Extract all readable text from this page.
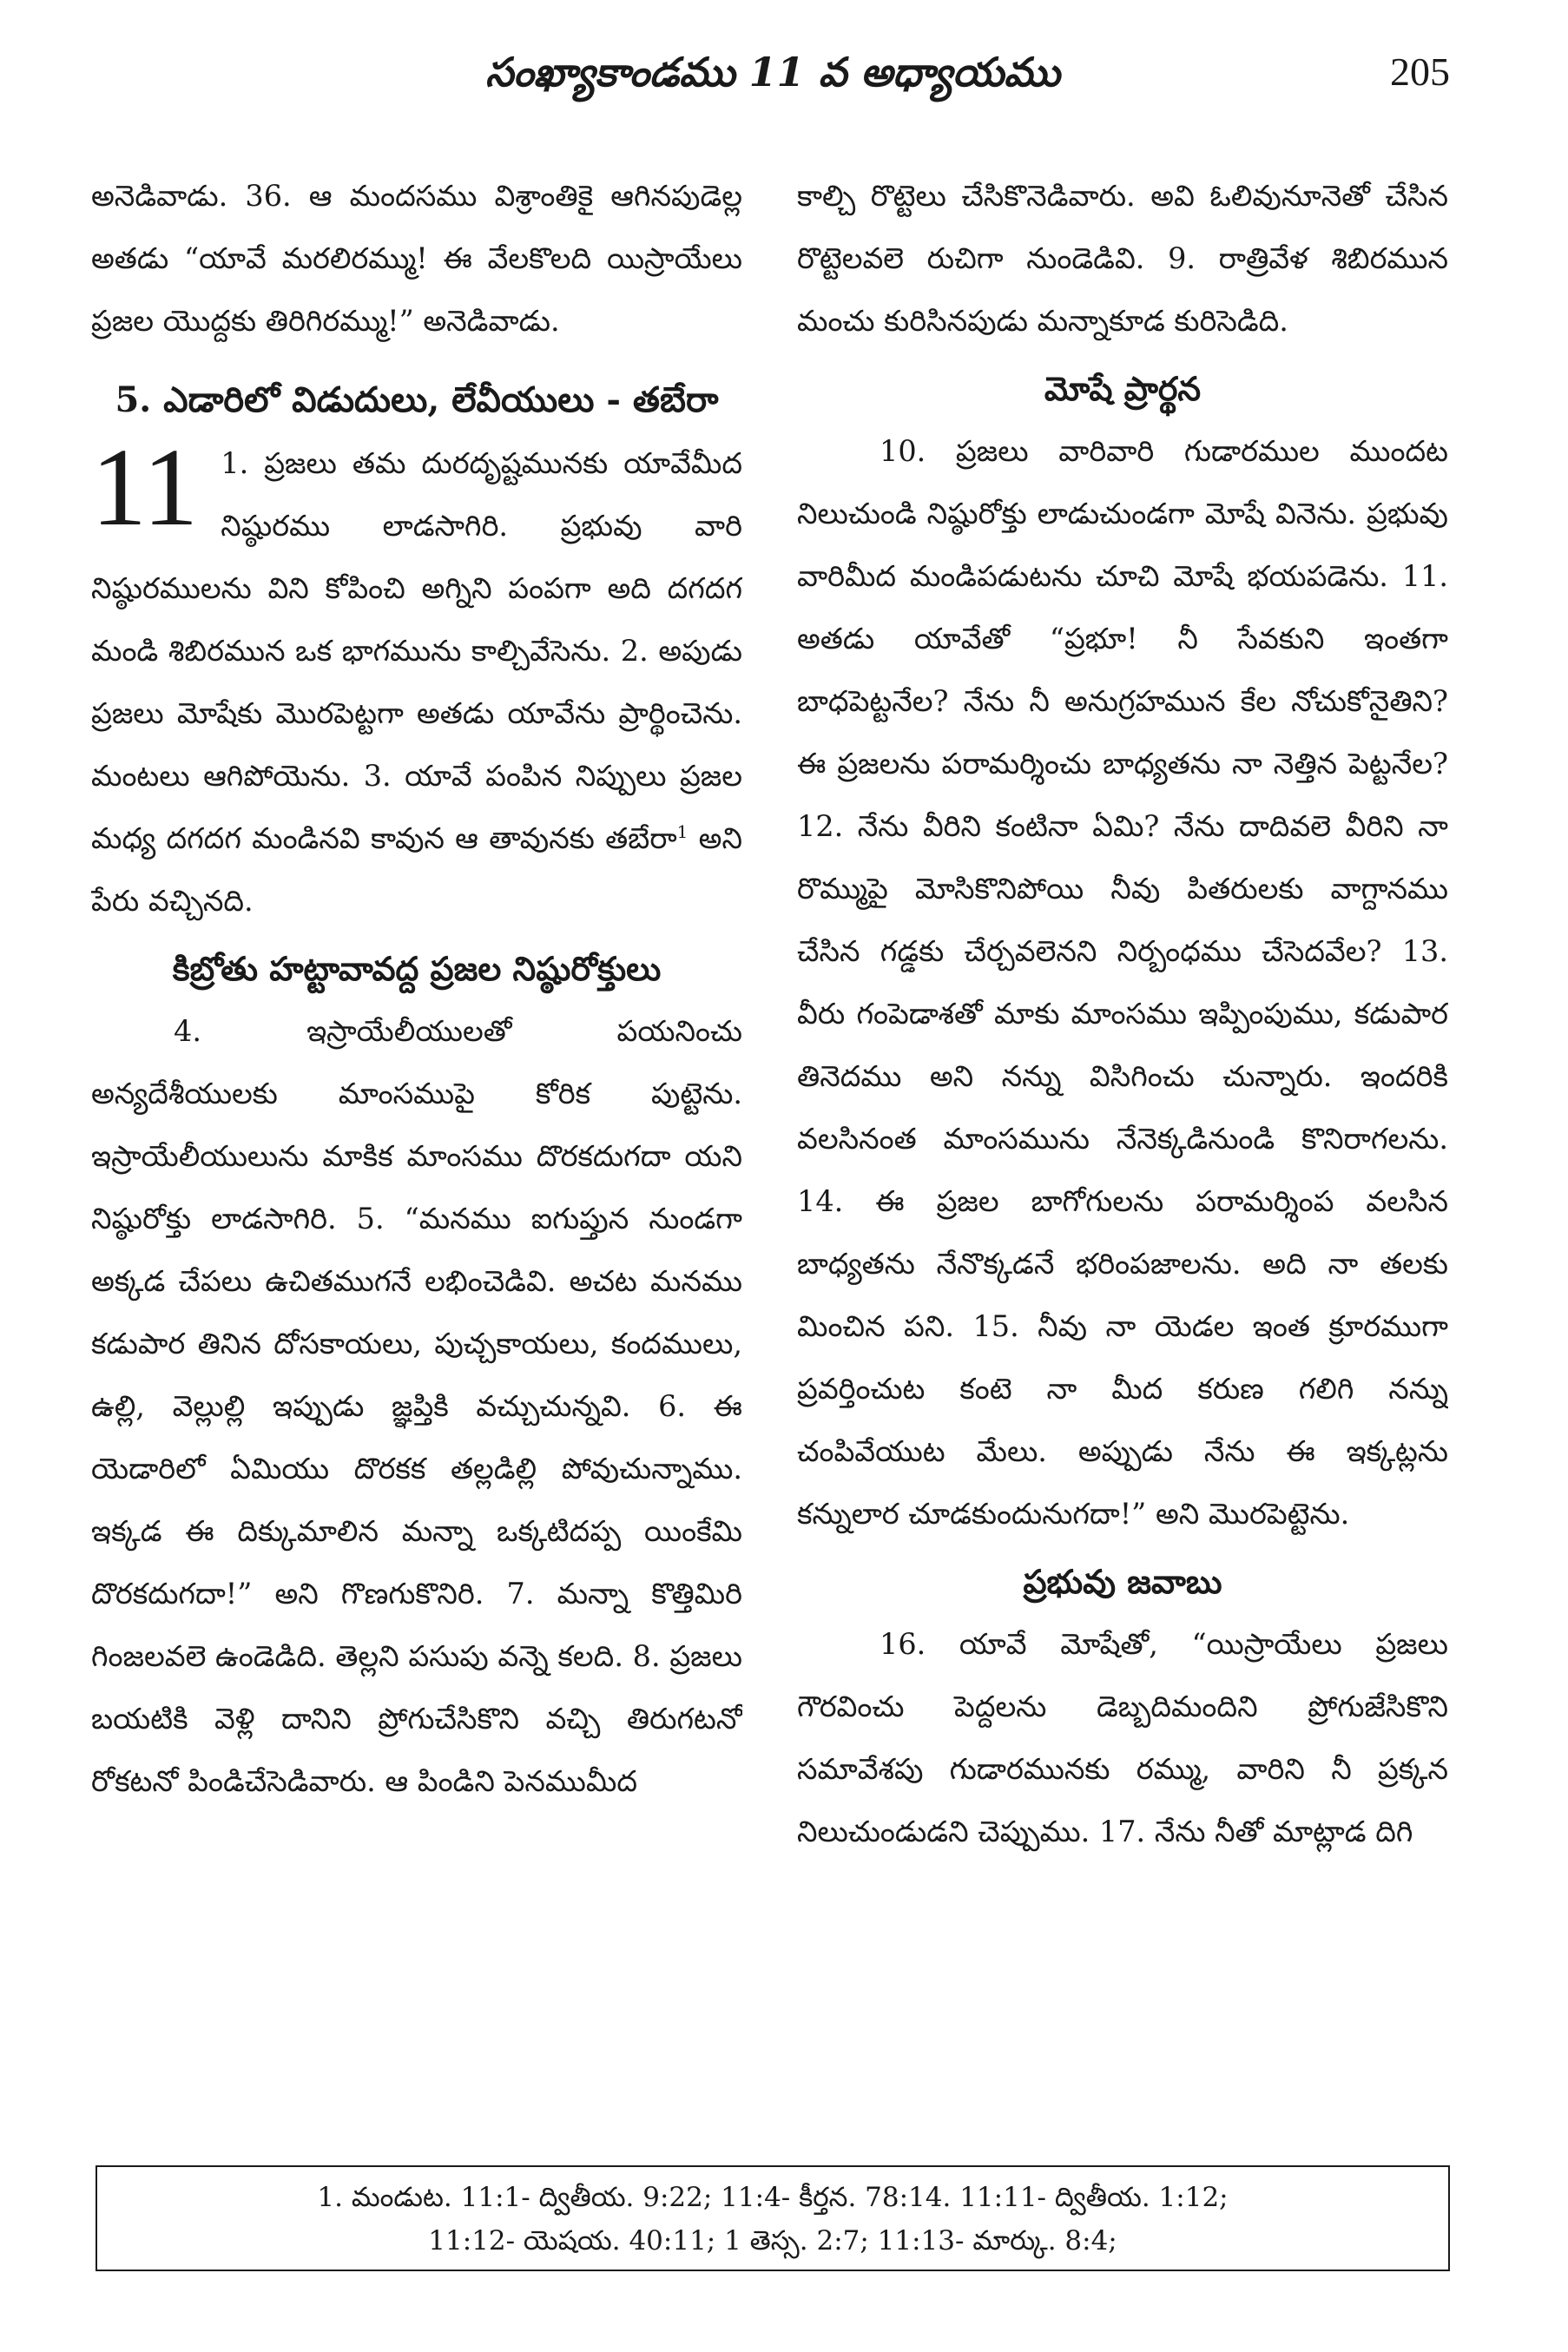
సంఖ్యాకాండము 11 వ అధ్యాయము	205

అనెడివాడు. 36. ఆ మందసము విశ్రాంతికై ఆగినపుడెల్ల అతడు “యావే మరలిరమ్ము! ఈ వేలకొలది యిస్రాయేలు ప్రజల యొద్దకు తిరిగిరమ్ము!” అనెడివాడు.

5. ఎడారిలో విడుదులు, లేవీయులు - తబేరా

11 1. ప్రజలు తమ దురదృష్టమునకు యావేమీద నిష్ఠురము లాడసాగిరి. ప్రభువు వారి నిష్ఠురములను విని కోపించి అగ్నిని పంపగా అది దగదగ మండి శిబిరమున ఒక భాగమును కాల్చివేసెను. 2. అపుడు ప్రజలు మోషేకు మొరపెట్టగా అతడు యావేను ప్రార్థించెను. మంటలు ఆగిపోయెను. 3. యావే పంపిన నిప్పులు ప్రజల మధ్య దగదగ మండినవి కావున ఆ తావునకు తబేరా$^1$ అని పేరు వచ్చినది.

కిబ్రోతు హట్టావావద్ద ప్రజల నిష్ఠురోక్తులు

4. ఇస్రాయేలీయులతో పయనించు అన్యదేశీయులకు మాంసముపై కోరిక పుట్టెను. ఇస్రాయేలీయులును మాకిక మాంసము దొరకదుగదా యని నిష్ఠురోక్తు లాడసాగిరి. 5. “మనము ఐగుప్తున నుండగా అక్కడ చేపలు ఉచితముగనే లభించెడివి. అచట మనము కడుపార తినిన దోసకాయలు, పుచ్చకాయలు, కందములు, ఉల్లి, వెల్లుల్లి ఇప్పుడు జ్ఞప్తికి వచ్చుచున్నవి. 6. ఈ యెడారిలో ఏమియు దొరకక తల్లడిల్లి పోవుచున్నాము. ఇక్కడ ఈ దిక్కుమాలిన మన్నా ఒక్కటిదప్ప యింకేమి దొరకదుగదా!” అని గొణగుకొనిరి. 7. మన్నా కొత్తిమిరి గింజలవలె ఉండెడిది. తెల్లని పసుపు వన్నె కలది. 8. ప్రజలు బయటికి వెళ్లి దానిని ప్రోగుచేసికొని వచ్చి తిరుగటనో రోకటనో పిండిచేసెడివారు. ఆ పిండిని పెనముమీద

కాల్చి రొట్టెలు చేసికొనెడివారు. అవి ఓలివునూనెతో చేసిన రొట్టెలవలె రుచిగా నుండెడివి. 9. రాత్రివేళ శిబిరమున మంచు కురిసినపుడు మన్నాకూడ కురిసెడిది.

మోషే ప్రార్థన

10. ప్రజలు వారివారి గుడారముల ముందట నిలుచుండి నిష్ఠురోక్తు లాడుచుండగా మోషే వినెను. ప్రభువు వారిమీద మండిపడుటను చూచి మోషే భయపడెను. 11. అతడు యావేతో “ప్రభూ! నీ సేవకుని ఇంతగా బాధపెట్టనేల? నేను నీ అనుగ్రహమున కేల నోచుకోనైతిని? ఈ ప్రజలను పరామర్శించు బాధ్యతను నా నెత్తిన పెట్టనేల? 12. నేను వీరిని కంటినా ఏమి? నేను దాదివలె వీరిని నా రొమ్ముపై మోసికొనిపోయి నీవు పితరులకు వాగ్దానము చేసిన గడ్డకు చేర్చవలెనని నిర్బంధము చేసెదవేల? 13. వీరు గంపెడాశతో మాకు మాంసము ఇప్పింపుము, కడుపార తినెదము అని నన్ను విసిగించు చున్నారు. ఇందరికి వలసినంత మాంసమును నేనెక్కడినుండి కొనిరాగలను. 14. ఈ ప్రజల బాగోగులను పరామర్శింప వలసిన బాధ్యతను నేనొక్కడనే భరింపజాలను. అది నా తలకు మించిన పని. 15. నీవు నా యెడల ఇంత క్రూరముగా ప్రవర్తించుట కంటె నా మీద కరుణ గలిగి నన్ను చంపివేయుట మేలు. అప్పుడు నేను ఈ ఇక్కట్లను కన్నులార చూడకుందునుగదా!” అని మొరపెట్టెను.

ప్రభువు జవాబు

16. యావే మోషేతో, “యిస్రాయేలు ప్రజలు గౌరవించు పెద్దలను డెబ్బదిమందిని ప్రోగుజేసికొని సమావేశపు గుడారమునకు రమ్ము, వారిని నీ ప్రక్కన నిలుచుండుడని చెప్పుము. 17. నేను నీతో మాట్లాడ దిగి

1. మండుట. 11:1- ద్వితీయ. 9:22; 11:4- కీర్తన. 78:14. 11:11- ద్వితీయ. 1:12;

11:12- యెషయ. 40:11; 1 తెస్స. 2:7; 11:13- మార్కు. 8:4;
